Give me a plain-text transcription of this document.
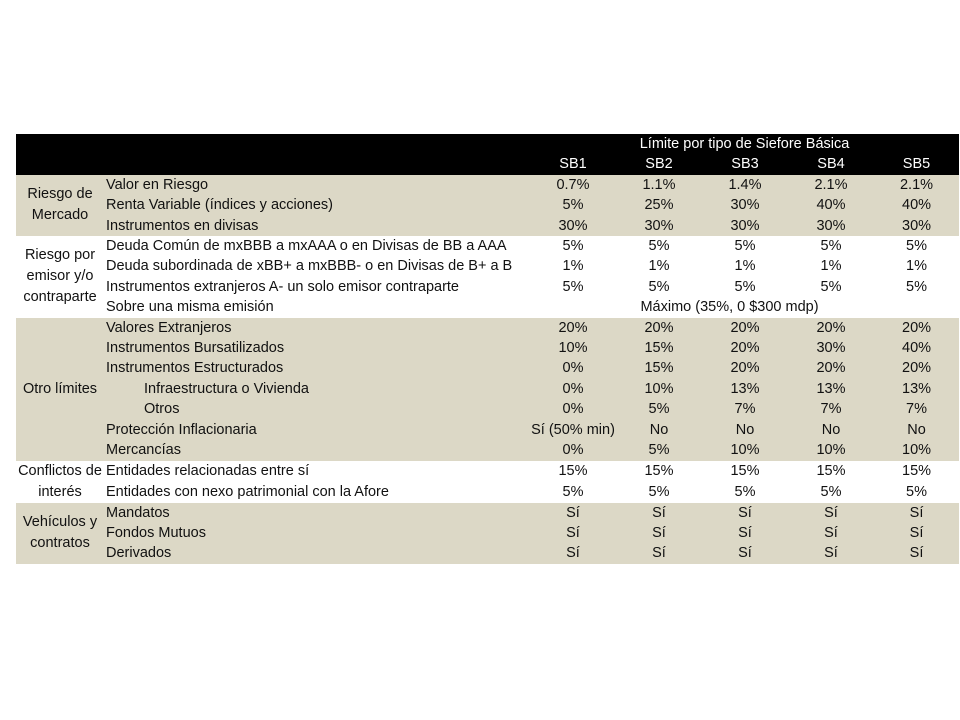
		Límite por tipo de Siefore Básica				
		SB1	SB2	SB3	SB4	SB5
Riesgo de Mercado	Valor en Riesgo	0.7%	1.1%	1.4%	2.1%	2.1%
	Renta Variable (índices y acciones)	5%	25%	30%	40%	40%
	Instrumentos en divisas	30%	30%	30%	30%	30%
Riesgo por emisor y/o contraparte	Deuda Común de mxBBB a mxAAA o en Divisas de BB a AAA	5%	5%	5%	5%	5%
	Deuda subordinada de xBB+ a mxBBB- o en Divisas de B+ a B	1%	1%	1%	1%	1%
	Instrumentos extranjeros A- un solo emisor contraparte	5%	5%	5%	5%	5%
	Sobre una misma emisión	Máximo (35%, 0 $300 mdp)				
Otro límites	Valores Extranjeros	20%	20%	20%	20%	20%
	Instrumentos Bursatilizados	10%	15%	20%	30%	40%
	Instrumentos Estructurados	0%	15%	20%	20%	20%
	Infraestructura o Vivienda	0%	10%	13%	13%	13%
	Otros	0%	5%	7%	7%	7%
	Protección Inflacionaria	Sí (50% min)	No	No	No	No
	Mercancías	0%	5%	10%	10%	10%
Conflictos de interés	Entidades relacionadas entre sí	15%	15%	15%	15%	15%
	Entidades con nexo patrimonial con la Afore	5%	5%	5%	5%	5%
Vehículos y contratos	Mandatos	Sí	Sí	Sí	Sí	Sí
	Fondos Mutuos	Sí	Sí	Sí	Sí	Sí
	Derivados	Sí	Sí	Sí	Sí	Sí
